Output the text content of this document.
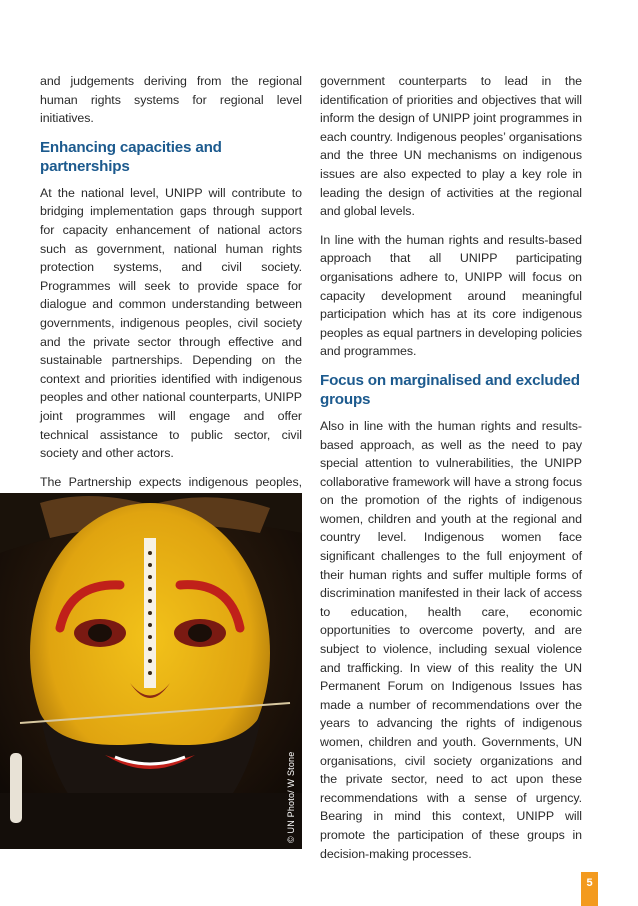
and judgements deriving from the regional human rights systems for regional level initiatives.

Enhancing capacities and partnerships

At the national level, UNIPP will contribute to bridging implementation gaps through support for capacity enhancement of national actors such as government, national human rights protection systems, and civil society. Programmes will seek to provide space for dialogue and common understanding between governments, indigenous peoples, civil society and the private sector through effective and sustainable partnerships. Depending on the context and priorities identified with indigenous peoples and other national counterparts, UNIPP joint programmes will engage and offer technical assistance to public sector, civil society and other actors.

The Partnership expects indigenous peoples,

government counterparts to lead in the identification of priorities and objectives that will inform the design of UNIPP joint programmes in each country. Indigenous peoples’ organisations and the three UN mechanisms on indigenous issues are also expected to play a key role in leading the design of activities at the regional and global levels.

In line with the human rights and results-based approach that all UNIPP participating organisations adhere to, UNIPP will focus on capacity development around meaningful participation which has at its core indigenous peoples as equal partners in developing policies and programmes.

Focus on marginalised and excluded groups

Also in line with the human rights and results-based approach, as well as the need to pay special attention to vulnerabilities, the UNIPP collaborative framework will have a strong focus on the promotion of the rights of indigenous women, children and youth at the regional and country level. Indigenous women face significant challenges to the full enjoyment of their human rights and suffer multiple forms of discrimination manifested in their lack of access to education, health care, economic opportunities to overcome poverty, and are subject to violence, including sexual violence and trafficking. In view of this reality the UN Permanent Forum on Indigenous Issues has made a number of recommendations over the years to advancing the rights of indigenous women, children and youth. Governments, UN organisations, civil society organizations and the private sector, need to act upon these recommendations with a sense of urgency. Bearing in mind this context, UNIPP will promote the participation of these groups in decision-making processes.

© UN Photo/ W Stone
5
